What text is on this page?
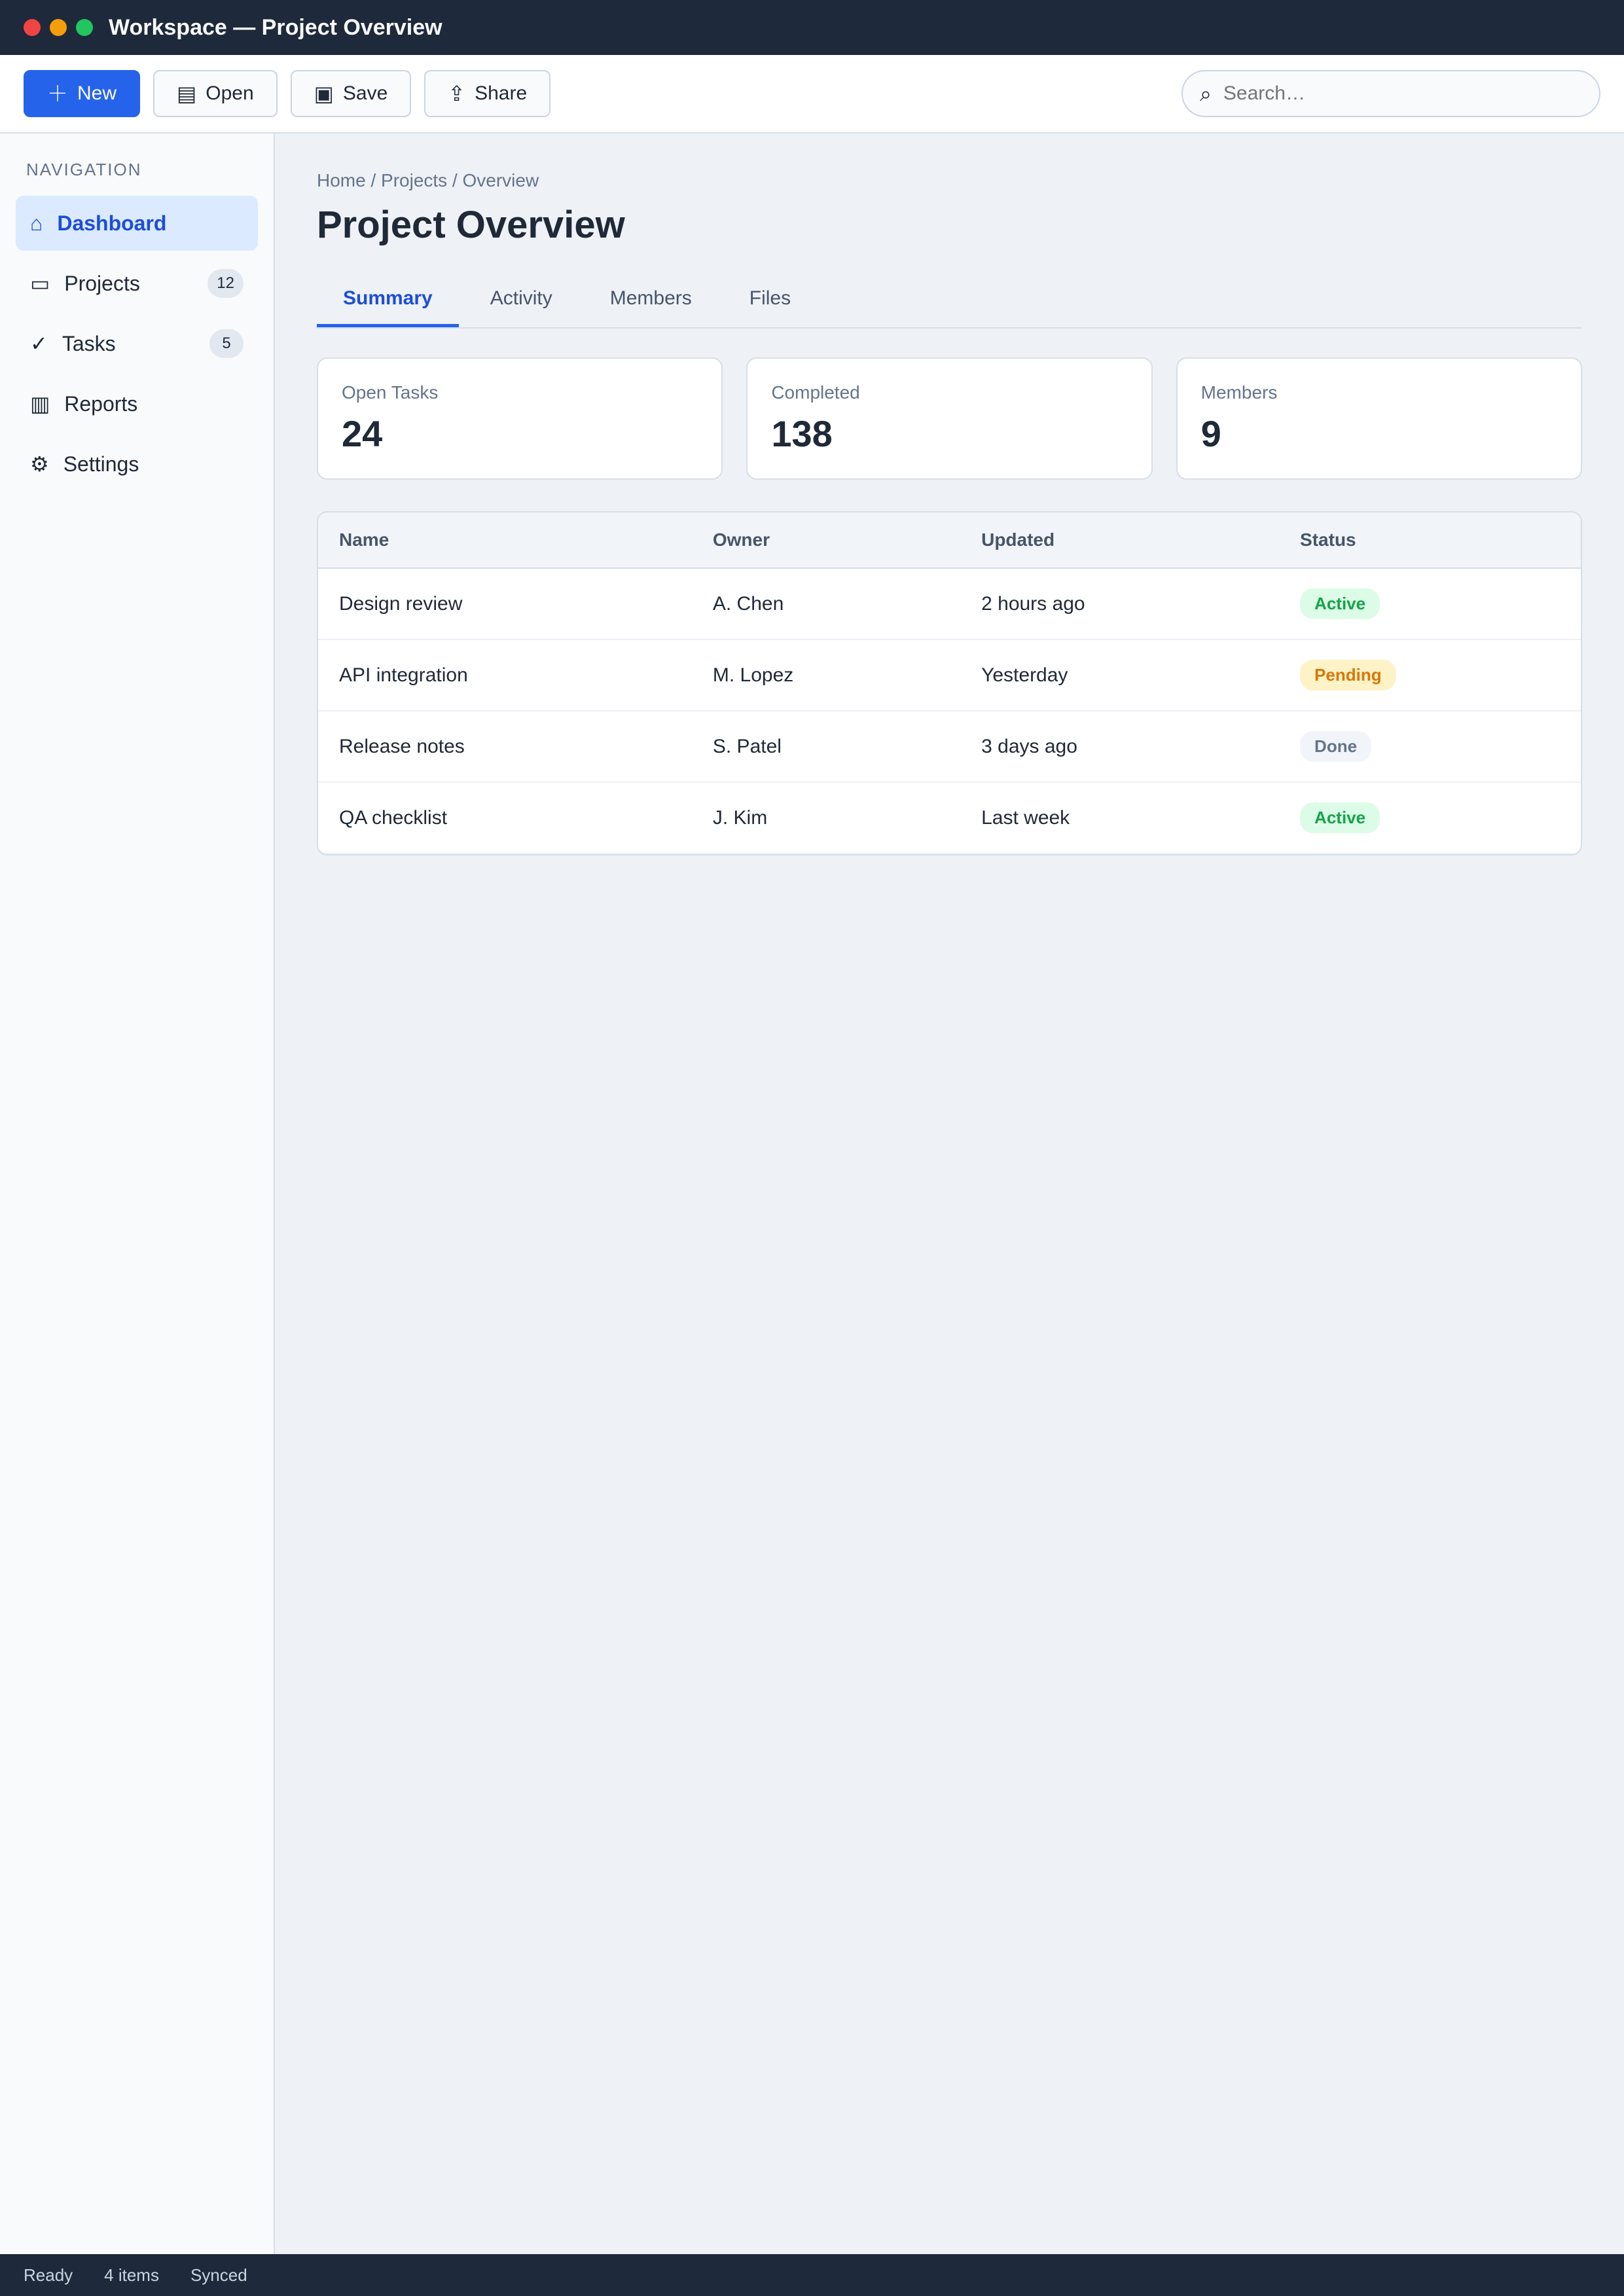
Workspace — Project Overview
＋ New	▤ Open	▣ Save	⇪ Share	⌕
Search…
NAVIGATION
⌂ Dashboard
▭ Projects	12
✓ Tasks	5
▥ Reports
⚙ Settings
Home / Projects / Overview
Project Overview
Summary	Activity	Members	Files
Open Tasks
24
Completed
138
Members
9
Name	Owner	Updated	Status
Design review	A. Chen	2 hours ago	Active
API integration	M. Lopez	Yesterday	Pending
Release notes	S. Patel	3 days ago	Done
QA checklist	J. Kim	Last week	Active
Ready 4 items Synced
